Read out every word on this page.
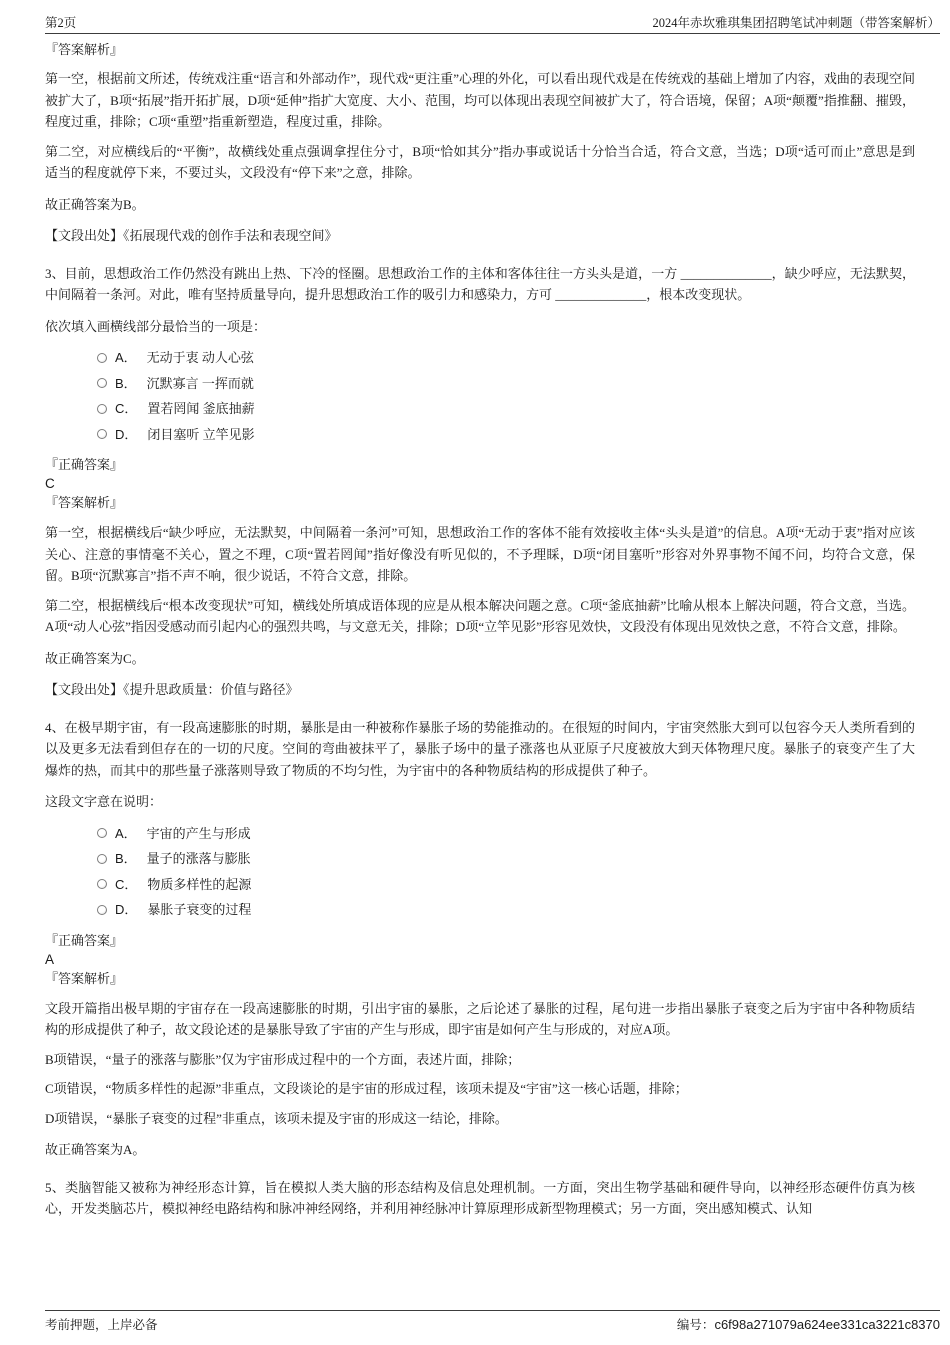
第2页	2024年赤坎雅琪集团招聘笔试冲刺题（带答案解析）
『答案解析』
第一空，根据前文所述，传统戏注重“语言和外部动作”，现代戏“更注重”心理的外化，可以看出现代戏是在传统戏的基础上增加了内容，戏曲的表现空间被扩大了，B项“拓展”指开拓扩展，D项“延伸”指扩大宽度、大小、范围，均可以体现出表现空间被扩大了，符合语境，保留；A项“颠覆”指推翻、摧毁，程度过重，排除；C项“重塑”指重新塑造，程度过重，排除。
第二空，对应横线后的“平衡”，故横线处重点强调拿捏住分寸，B项“恰如其分”指办事或说话十分恰当合适，符合文意，当选；D项“适可而止”意思是到适当的程度就停下来，不要过头，文段没有“停下来”之意，排除。
故正确答案为B。
【文段出处】《拓展现代戏的创作手法和表现空间》
3、目前，思想政治工作仍然没有跳出上热、下冷的怪圈。思想政治工作的主体和客体往往一方头头是道，一方 ______________，缺少呼应，无法默契，中间隔着一条河。对此，唯有坚持质量导向，提升思想政治工作的吸引力和感染力，方可 ______________，根本改变现状。
依次填入画横线部分最恰当的一项是：
A． 无动于衷 动人心弦
B． 沉默寡言 一挥而就
C． 置若罔闻 釜底抽薪
D． 闭目塞听 立竿见影
『正确答案』
C
『答案解析』
第一空，根据横线后“缺少呼应，无法默契，中间隔着一条河”可知，思想政治工作的客体不能有效接收主体“头头是道”的信息。A项“无动于衷”指对应该关心、注意的事情毫不关心，置之不理，C项“置若罔闻”指好像没有听见似的，不予理睬，D项“闭目塞听”形容对外界事物不闻不问，均符合文意，保留。B项“沉默寡言”指不声不响，很少说话，不符合文意，排除。
第二空，根据横线后“根本改变现状”可知，横线处所填成语体现的应是从根本解决问题之意。C项“釜底抽薪”比喻从根本上解决问题，符合文意，当选。A项“动人心弦”指因受感动而引起内心的强烈共鸣，与文意无关，排除；D项“立竿见影”形容见效快，文段没有体现出见效快之意，不符合文意，排除。
故正确答案为C。
【文段出处】《提升思政质量：价值与路径》
4、在极早期宇宙，有一段高速膨胀的时期，暴胀是由一种被称作暴胀子场的势能推动的。在很短的时间内，宇宙突然胀大到可以包容今天人类所看到的以及更多无法看到但存在的一切的尺度。空间的弯曲被抹平了，暴胀子场中的量子涨落也从亚原子尺度被放大到天体物理尺度。暴胀子的衰变产生了大爆炸的热，而其中的那些量子涨落则导致了物质的不均匀性，为宇宙中的各种物质结构的形成提供了种子。
这段文字意在说明：
A． 宇宙的产生与形成
B． 量子的涨落与膨胀
C． 物质多样性的起源
D． 暴胀子衰变的过程
『正确答案』
A
『答案解析』
文段开篇指出极早期的宇宙存在一段高速膨胀的时期，引出宇宙的暴胀，之后论述了暴胀的过程，尾句进一步指出暴胀子衰变之后为宇宙中各种物质结构的形成提供了种子，故文段论述的是暴胀导致了宇宙的产生与形成，即宇宙是如何产生与形成的，对应A项。
B项错误，“量子的涨落与膨胀”仅为宇宙形成过程中的一个方面，表述片面，排除；
C项错误，“物质多样性的起源”非重点，文段谈论的是宇宙的形成过程，该项未提及“宇宙”这一核心话题，排除；
D项错误，“暴胀子衰变的过程”非重点，该项未提及宇宙的形成这一结论，排除。
故正确答案为A。
5、类脑智能又被称为神经形态计算，旨在模拟人类大脑的形态结构及信息处理机制。一方面，突出生物学基础和硬件导向，以神经形态硬件仿真为核心，开发类脑芯片，模拟神经电路结构和脉冲神经网络，并利用神经脉冲计算原理形成新型物理模式；另一方面，突出感知模式、认知
考前押题，上岸必备	编号：c6f98a271079a624ee331ca3221c8370
